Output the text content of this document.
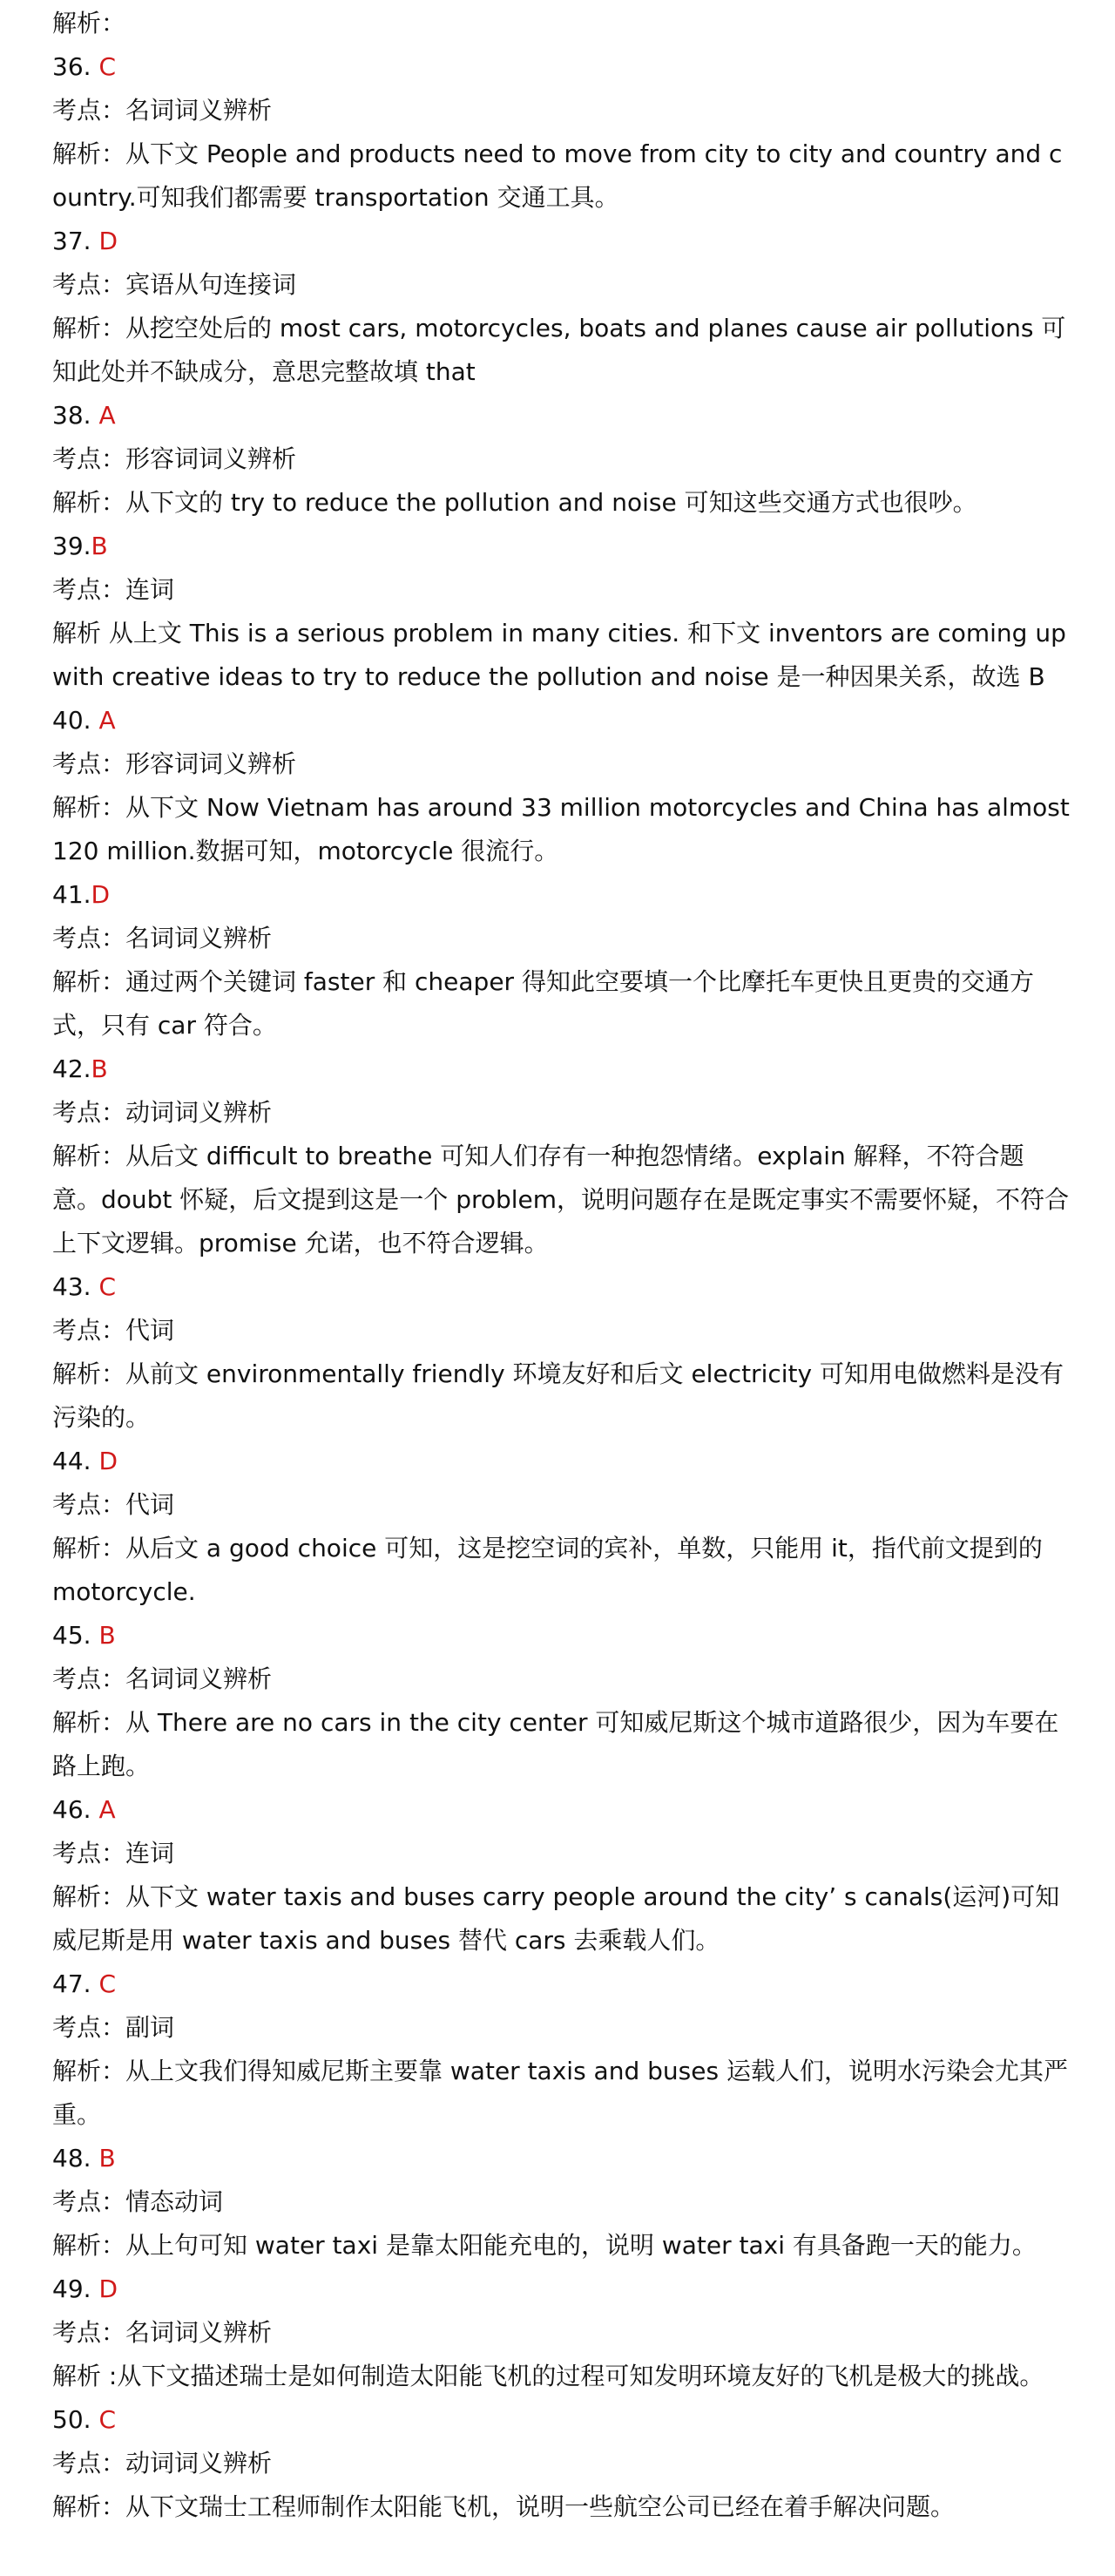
解析：
36. C
考点：名词词义辨析
解析：从下文 People and products need to move from city to city and country and country.可知我们都需要 transportation 交通工具。
37. D
考点：宾语从句连接词
解析：从挖空处后的 most cars, motorcycles, boats and planes cause air pollutions 可知此处并不缺成分，意思完整故填 that
38. A
考点：形容词词义辨析
解析：从下文的 try to reduce the pollution and noise 可知这些交通方式也很吵。
39.B
考点：连词
解析 从上文 This is a serious problem in many cities. 和下文 inventors are coming up with creative ideas to try to reduce the pollution and noise 是一种因果关系，故选 B
40. A
考点：形容词词义辨析
解析：从下文 Now Vietnam has around 33 million motorcycles and China has almost 120 million.数据可知，motorcycle 很流行。
41.D
考点：名词词义辨析
解析：通过两个关键词 faster 和 cheaper 得知此空要填一个比摩托车更快且更贵的交通方式，只有 car 符合。
42.B
考点：动词词义辨析
解析：从后文 difficult to breathe 可知人们存有一种抱怨情绪。explain 解释，不符合题意。doubt 怀疑，后文提到这是一个 problem，说明问题存在是既定事实不需要怀疑，不符合上下文逻辑。promise 允诺，也不符合逻辑。
43. C
考点：代词
解析：从前文 environmentally friendly 环境友好和后文 electricity 可知用电做燃料是没有污染的。
44. D
考点：代词
解析：从后文 a good choice 可知，这是挖空词的宾补，单数，只能用 it，指代前文提到的 motorcycle.
45. B
考点：名词词义辨析
解析：从 There are no cars in the city center 可知威尼斯这个城市道路很少，因为车要在路上跑。
46. A
考点：连词
解析：从下文 water taxis and buses carry people around the city’ s canals(运河)可知威尼斯是用 water taxis and buses 替代 cars 去乘载人们。
47. C
考点：副词
解析：从上文我们得知威尼斯主要靠 water taxis and buses 运载人们，说明水污染会尤其严重。
48. B
考点：情态动词
解析：从上句可知 water taxi 是靠太阳能充电的，说明 water taxi 有具备跑一天的能力。
49. D
考点：名词词义辨析
解析 :从下文描述瑞士是如何制造太阳能飞机的过程可知发明环境友好的飞机是极大的挑战。
50. C
考点：动词词义辨析
解析：从下文瑞士工程师制作太阳能飞机，说明一些航空公司已经在着手解决问题。
